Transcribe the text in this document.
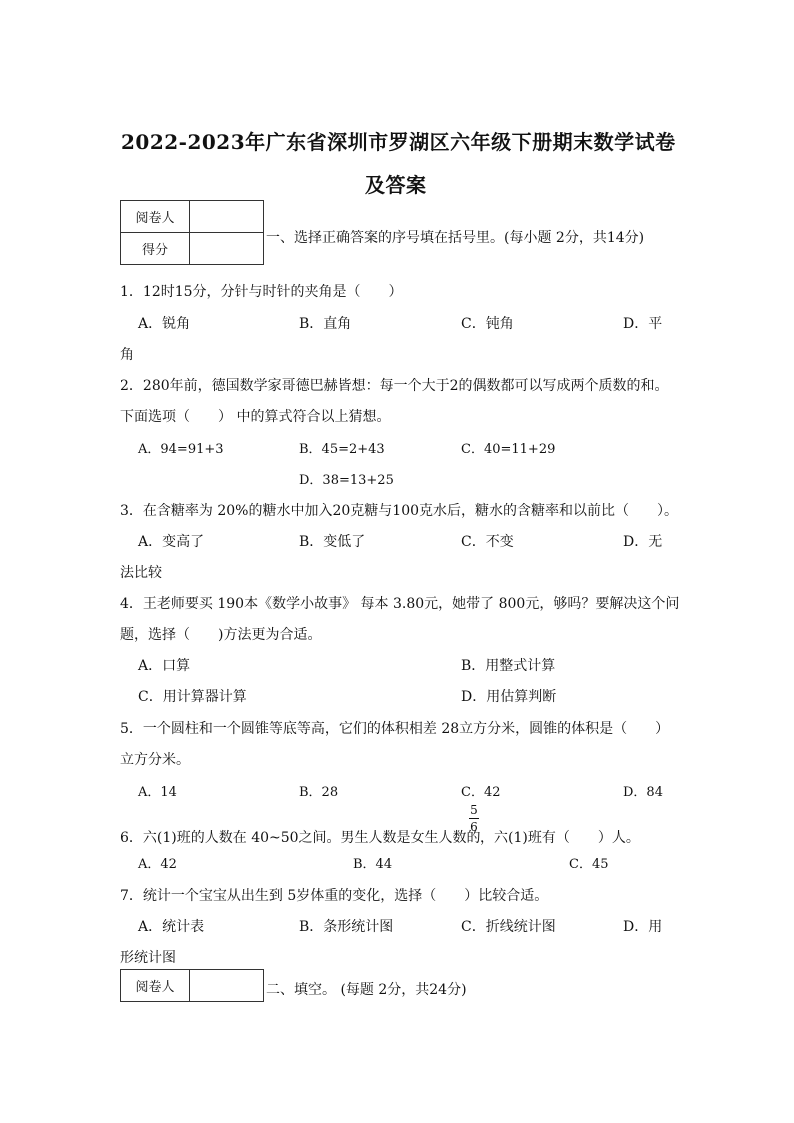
2022-2023年广东省深圳市罗湖区六年级下册期末数学试卷
及答案
阅卷人	
得分	
一、选择正确答案的序号填在括号里。(每小题 2分，共14分)
1．12时15分，分针与时针的夹角是（　　）
A．锐角	B．直角	C．钝角	D．平
角
2．280年前，德国数学家哥德巴赫皆想：每一个大于2的偶数都可以写成两个质数的和。
下面选项（　　） 中的算式符合以上猜想。
A．94=91+3	B．45=2+43	C．40=11+29
D．38=13+25
3．在含糖率为 20%的糖水中加入20克糖与100克水后，糖水的含糖率和以前比（　　）。
A．变高了	B．变低了	C．不变	D．无
法比较
4．王老师要买 190本《数学小故事》 每本 3.80元，她带了 800元，够吗？要解决这个问
题，选择（　　)方法更为合适。
A．口算	B．用整式计算
C．用计算器计算	D．用估算判断
5．一个圆柱和一个圆锥等底等高，它们的体积相差 28立方分米，圆锥的体积是（　　）
立方分米。
A．14	B．28	C．42	D．84
6．六(1)班的人数在 40~50之间。男生人数是女生人数的
5
6
，六(1)班有（　　）人。
A．42	B．44	C．45
7．统计一个宝宝从出生到 5岁体重的变化，选择（　　）比较合适。
A．统计表	B．条形统计图	C．折线统计图	D．用
形统计图
阅卷人		二、填空。 (每题 2分，共24分)
